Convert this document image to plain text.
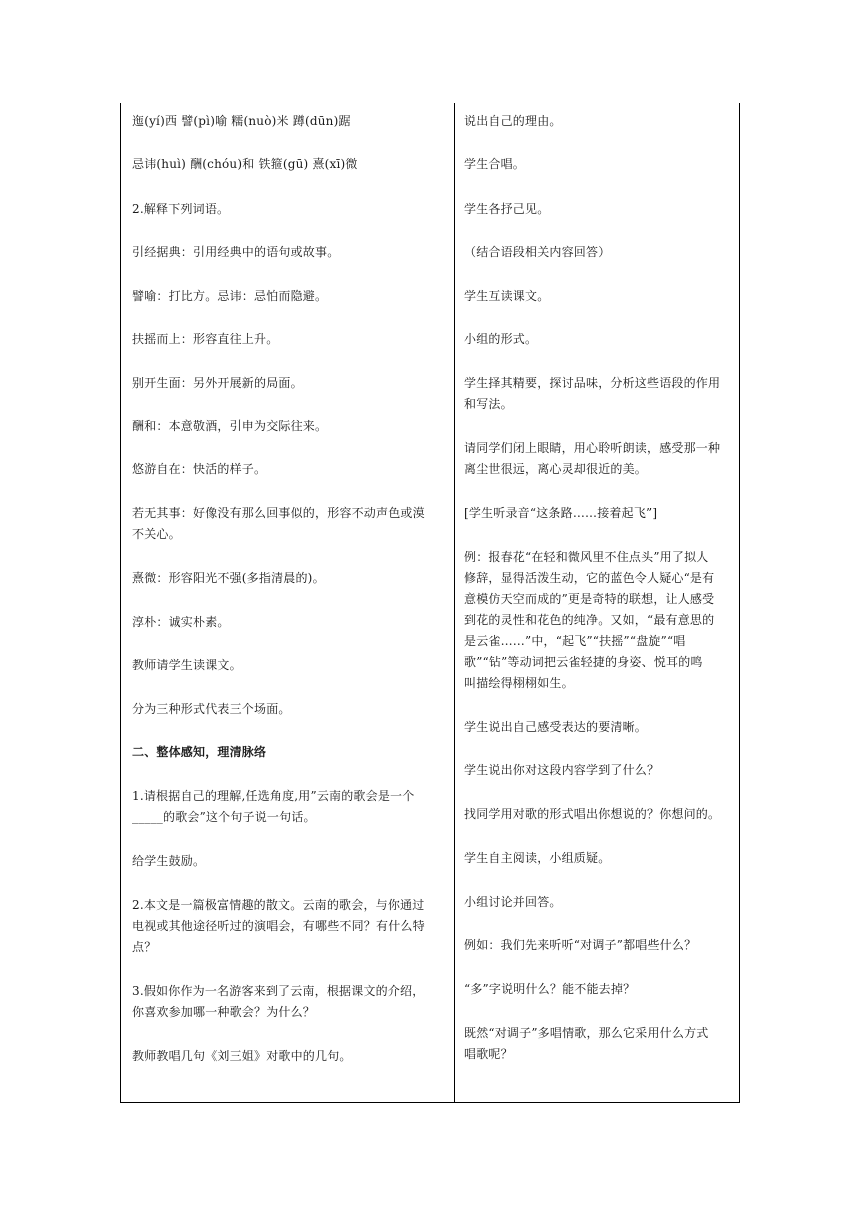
迤(yí)西 譬(pì)喻 糯(nuò)米 蹲(dūn)踞
忌讳(huì) 酬(chóu)和 铁箍(gū) 熹(xī)微
2.解释下列词语。
引经据典：引用经典中的语句或故事。
譬喻：打比方。忌讳：忌怕而隐避。
扶摇而上：形容直往上升。
别开生面：另外开展新的局面。
酬和：本意敬酒，引申为交际往来。
悠游自在：快活的样子。
若无其事：好像没有那么回事似的，形容不动声色或漠
不关心。
熹微：形容阳光不强(多指清晨的)。
淳朴：诚实朴素。
教师请学生读课文。
分为三种形式代表三个场面。
二、整体感知，理清脉络
1.请根据自己的理解,任选角度,用”云南的歌会是一个
_____的歌会”这个句子说一句话。
给学生鼓励。
2.本文是一篇极富情趣的散文。云南的歌会，与你通过
电视或其他途径听过的演唱会，有哪些不同？有什么特
点？
3.假如你作为一名游客来到了云南，根据课文的介绍，
你喜欢参加哪一种歌会？为什么？
教师教唱几句《刘三姐》对歌中的几句。
说出自己的理由。
学生合唱。
学生各抒己见。
（结合语段相关内容回答）
学生互读课文。
小组的形式。
学生择其精要，探讨品味，分析这些语段的作用
和写法。
请同学们闭上眼睛，用心聆听朗读，感受那一种
离尘世很远，离心灵却很近的美。
[学生听录音“这条路……接着起飞”]
例：报春花“在轻和微风里不住点头”用了拟人
修辞，显得活泼生动，它的蓝色令人疑心“是有
意模仿天空而成的”更是奇特的联想，让人感受
到花的灵性和花色的纯净。又如，“最有意思的
是云雀……”中，“起飞”“扶摇”“盘旋”“唱
歌”“钻”等动词把云雀轻捷的身姿、悦耳的鸣
叫描绘得栩栩如生。
学生说出自己感受表达的要清晰。
学生说出你对这段内容学到了什么？
找同学用对歌的形式唱出你想说的？你想问的。
学生自主阅读，小组质疑。
小组讨论并回答。
例如：我们先来听听“对调子”都唱些什么？
“多”字说明什么？能不能去掉？
既然“对调子”多唱情歌，那么它采用什么方式
唱歌呢？
